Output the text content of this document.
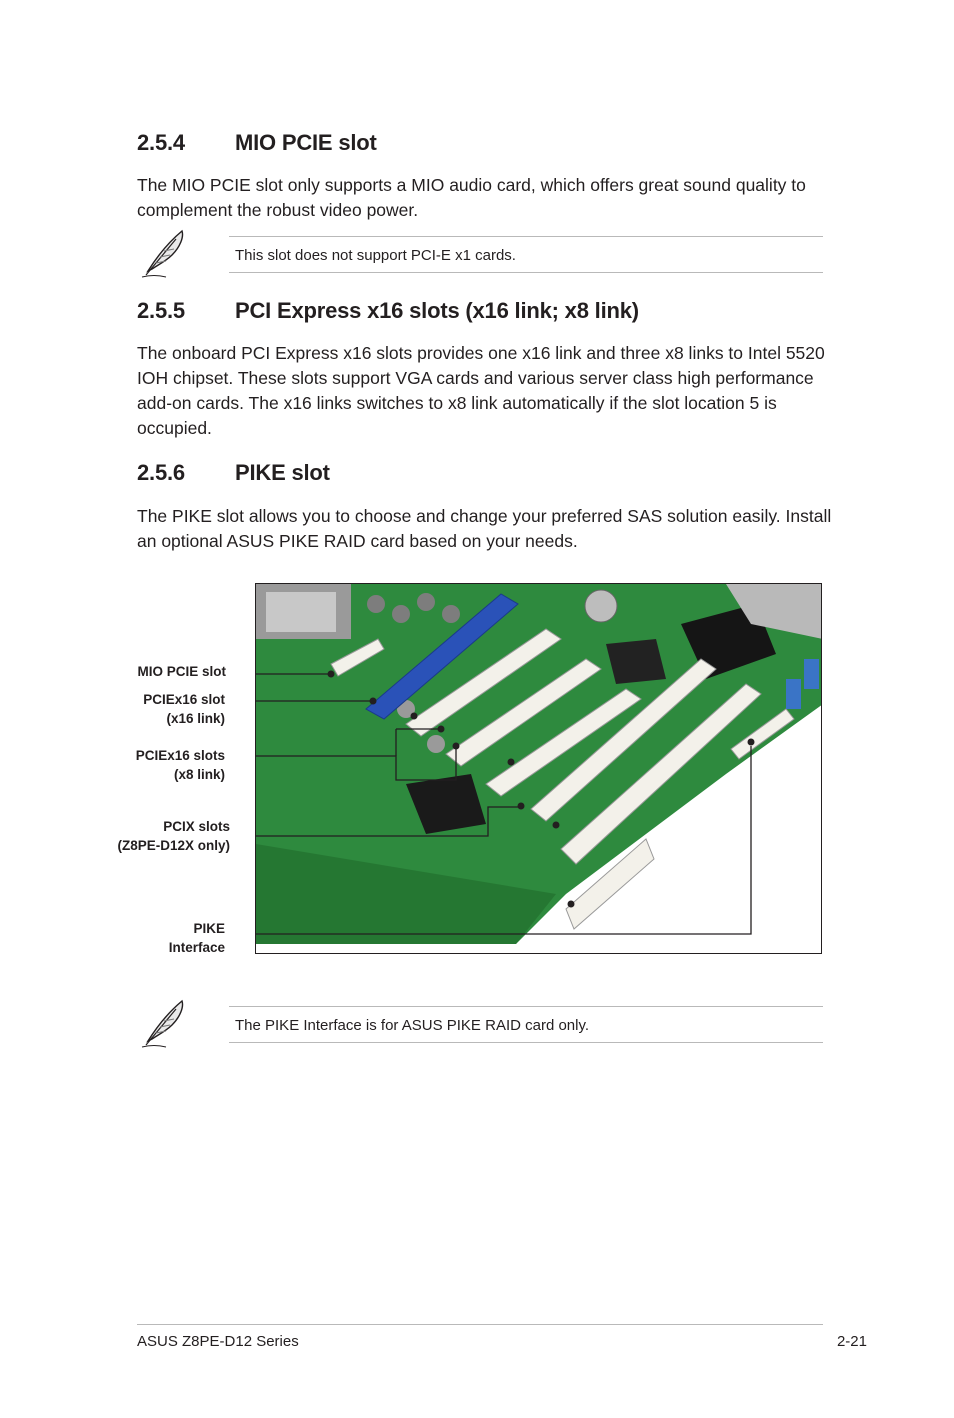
2.5.4 MIO PCIE slot

The MIO PCIE slot only supports a MIO audio card, which offers great sound quality to complement the robust video power.

This slot does not support PCI-E x1 cards.
2.5.5 PCI Express x16 slots (x16 link; x8 link)

The onboard PCI Express x16 slots provides one x16 link and three x8 links to Intel 5520 IOH chipset. These slots support VGA cards and various server class high performance add-on cards. The x16 links switches to x8 link automatically if the slot location 5 is occupied.

2.5.6 PIKE slot

The PIKE slot allows you to choose and change your preferred SAS solution easily. Install an optional ASUS PIKE RAID card based on your needs.

MIO PCIE slot
PCIEx16 slot
(x16 link)
PCIEx16 slots
(x8 link)
PCIX slots
(Z8PE-D12X only)
PIKE
Interface
The PIKE Interface is for ASUS PIKE RAID card only.
ASUS Z8PE-D12 Series	2-21
